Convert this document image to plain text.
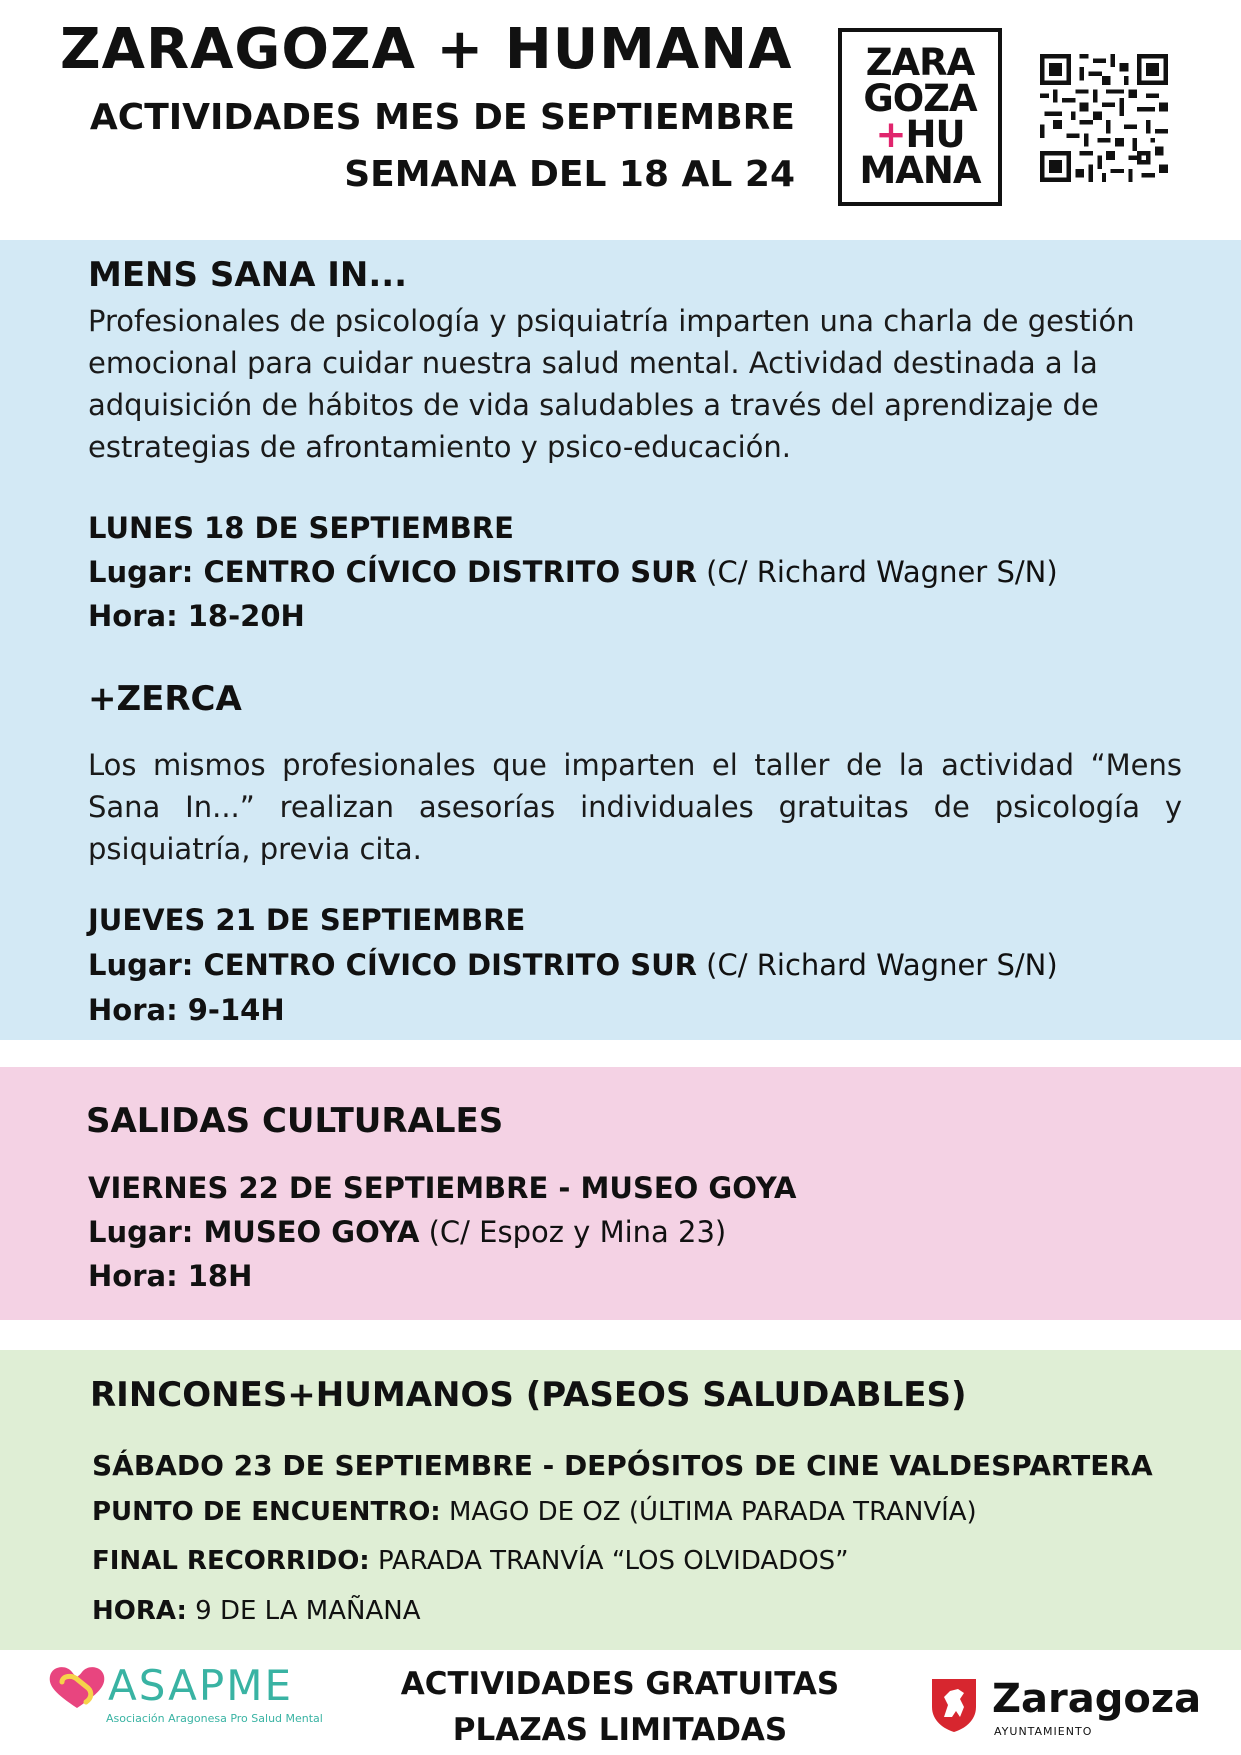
ZARAGOZA + HUMANA
ACTIVIDADES MES DE SEPTIEMBRE
SEMANA DEL 18 AL 24
ZARA
GOZA
+HU
MANA
MENS SANA IN...
Profesionales de psicología y psiquiatría imparten una charla de gestión emocional para cuidar nuestra salud mental. Actividad destinada a la adquisición de hábitos de vida saludables a través del aprendizaje de estrategias de afrontamiento y psico-educación.
LUNES 18 DE SEPTIEMBRE
Lugar: CENTRO CÍVICO DISTRITO SUR (C/ Richard Wagner S/N)
Hora: 18-20H
+ZERCA
Los mismos profesionales que imparten el taller de la actividad “Mens Sana In...” realizan asesorías individuales gratuitas de psicología y psiquiatría, previa cita.
JUEVES 21 DE SEPTIEMBRE
Lugar: CENTRO CÍVICO DISTRITO SUR (C/ Richard Wagner S/N)
Hora: 9-14H
SALIDAS CULTURALES
VIERNES 22 DE SEPTIEMBRE - MUSEO GOYA
Lugar: MUSEO GOYA (C/ Espoz y Mina 23)
Hora: 18H
RINCONES+HUMANOS (PASEOS SALUDABLES)
SÁBADO 23 DE SEPTIEMBRE - DEPÓSITOS DE CINE VALDESPARTERA
PUNTO DE ENCUENTRO: MAGO DE OZ (ÚLTIMA PARADA TRANVÍA)
FINAL RECORRIDO: PARADA TRANVÍA “LOS OLVIDADOS”
HORA: 9 DE LA MAÑANA
ASAPME
Asociación Aragonesa Pro Salud Mental
ACTIVIDADES GRATUITAS
PLAZAS LIMITADAS
Zaragoza
AYUNTAMIENTO
